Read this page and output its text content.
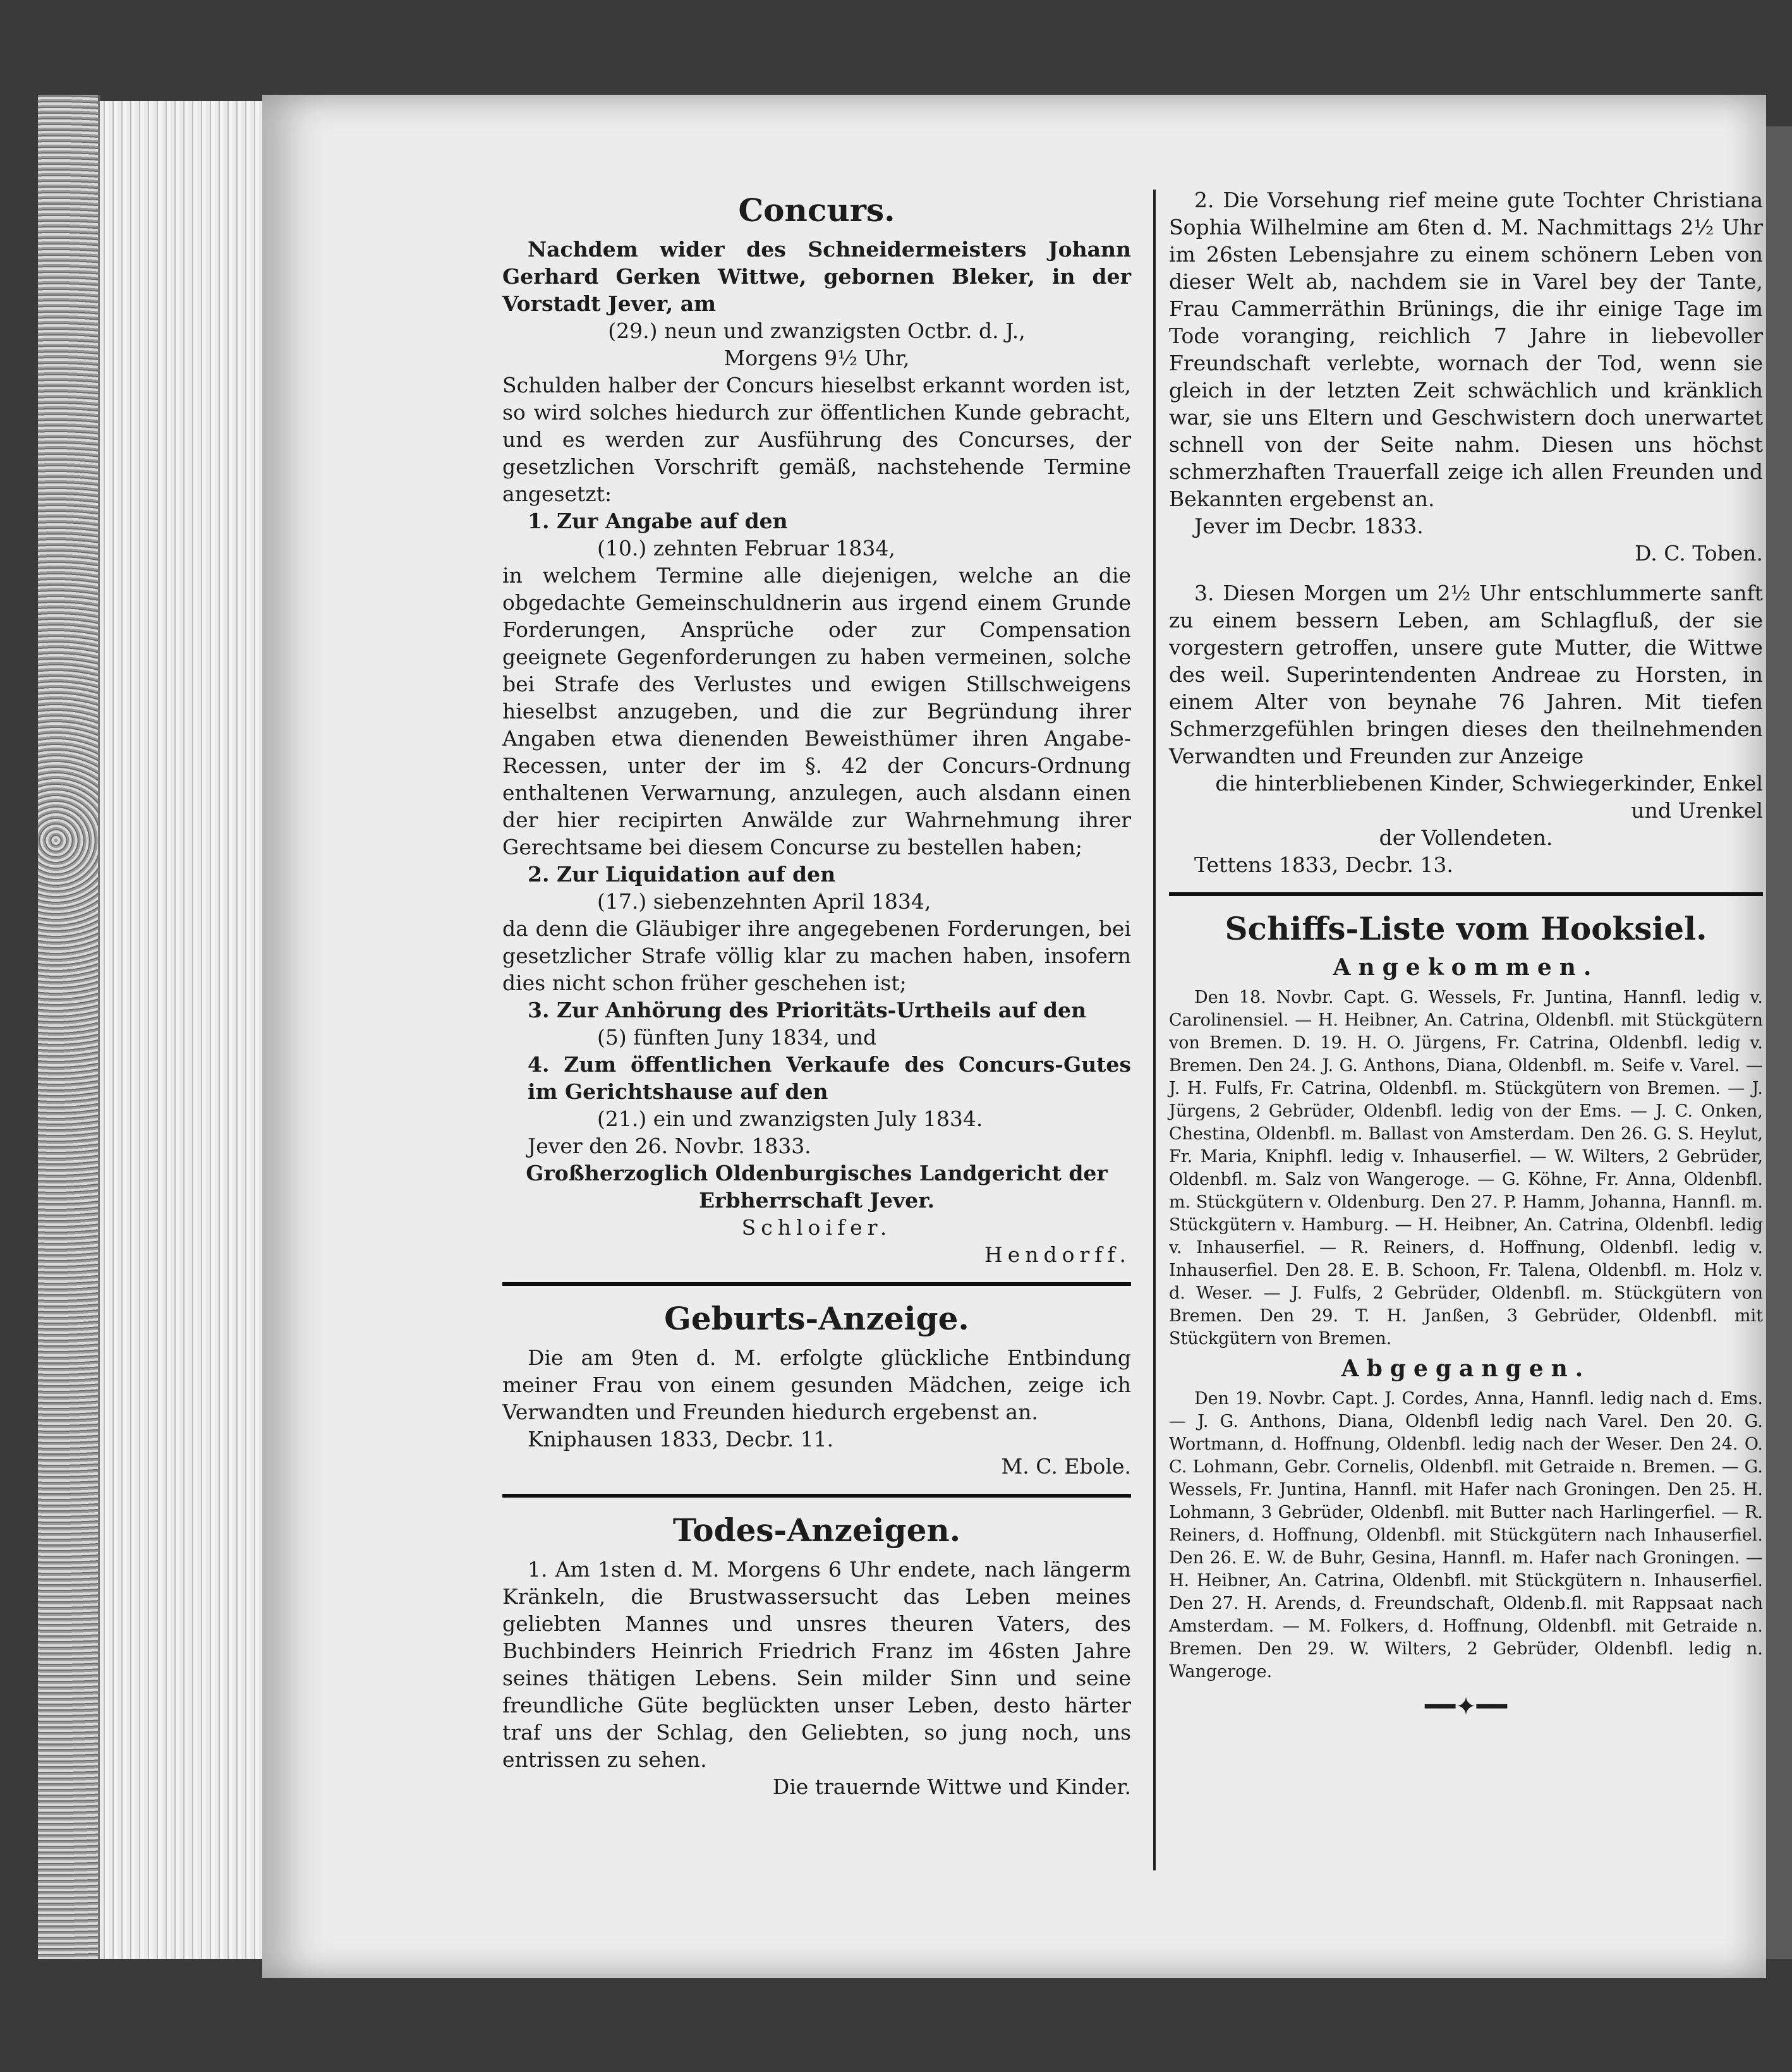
Concurs.

Nachdem wider des Schneidermeisters Johann Gerhard Gerken Wittwe, gebornen Bleker, in der Vorstadt Jever, am

(29.) neun und zwanzigsten Octbr. d. J.,

Morgens 9½ Uhr,

Schulden halber der Concurs hieselbst erkannt worden ist, so wird solches hiedurch zur öffentlichen Kunde gebracht, und es werden zur Ausführung des Concurses, der gesetzlichen Vorschrift gemäß, nachstehende Termine angesetzt:

1. Zur Angabe auf den

(10.) zehnten Februar 1834,

in welchem Termine alle diejenigen, welche an die obgedachte Gemeinschuldnerin aus irgend einem Grunde Forderungen, Ansprüche oder zur Compensation geeignete Gegenforderungen zu haben vermeinen, solche bei Strafe des Verlustes und ewigen Stillschweigens hieselbst anzugeben, und die zur Begründung ihrer Angaben etwa dienenden Beweisthümer ihren Angabe-Recessen, unter der im §. 42 der Concurs-Ordnung enthaltenen Verwarnung, anzulegen, auch alsdann einen der hier recipirten Anwälde zur Wahrnehmung ihrer Gerechtsame bei diesem Concurse zu bestellen haben;

2. Zur Liquidation auf den

(17.) siebenzehnten April 1834,

da denn die Gläubiger ihre angegebenen Forderungen, bei gesetzlicher Strafe völlig klar zu machen haben, insofern dies nicht schon früher geschehen ist;

3. Zur Anhörung des Prioritäts-Urtheils auf den

(5) fünften Juny 1834, und

4. Zum öffentlichen Verkaufe des Concurs-Gutes im Gerichtshause auf den

(21.) ein und zwanzigsten July 1834.

Jever den 26. Novbr. 1833.

Großherzoglich Oldenburgisches Landgericht der Erbherrschaft Jever.

Schloifer.

Hendorff.

Geburts-Anzeige.

Die am 9ten d. M. erfolgte glückliche Entbindung meiner Frau von einem gesunden Mädchen, zeige ich Verwandten und Freunden hiedurch ergebenst an.

Kniphausen 1833, Decbr. 11.

M. C. Ebole.

Todes-Anzeigen.

1. Am 1sten d. M. Morgens 6 Uhr endete, nach längerm Kränkeln, die Brustwassersucht das Leben meines geliebten Mannes und unsres theuren Vaters, des Buchbinders Heinrich Friedrich Franz im 46sten Jahre seines thätigen Lebens. Sein milder Sinn und seine freundliche Güte beglückten unser Leben, desto härter traf uns der Schlag, den Geliebten, so jung noch, uns entrissen zu sehen.

Die trauernde Wittwe und Kinder.

2. Die Vorsehung rief meine gute Tochter Christiana Sophia Wilhelmine am 6ten d. M. Nachmittags 2½ Uhr im 26sten Lebensjahre zu einem schönern Leben von dieser Welt ab, nachdem sie in Varel bey der Tante, Frau Cammerräthin Brünings, die ihr einige Tage im Tode voranging, reichlich 7 Jahre in liebevoller Freundschaft verlebte, wornach der Tod, wenn sie gleich in der letzten Zeit schwächlich und kränklich war, sie uns Eltern und Geschwistern doch unerwartet schnell von der Seite nahm. Diesen uns höchst schmerzhaften Trauerfall zeige ich allen Freunden und Bekannten ergebenst an.

Jever im Decbr. 1833.

D. C. Toben.

3. Diesen Morgen um 2½ Uhr entschlummerte sanft zu einem bessern Leben, am Schlagfluß, der sie vorgestern getroffen, unsere gute Mutter, die Wittwe des weil. Superintendenten Andreae zu Horsten, in einem Alter von beynahe 76 Jahren. Mit tiefen Schmerzgefühlen bringen dieses den theilnehmenden Verwandten und Freunden zur Anzeige

die hinterbliebenen Kinder, Schwiegerkinder, Enkel und Urenkel

der Vollendeten.

Tettens 1833, Decbr. 13.

Schiffs-Liste vom Hooksiel.
Angekommen.

Den 18. Novbr. Capt. G. Wessels, Fr. Juntina, Hannfl. ledig v. Carolinensiel. — H. Heibner, An. Catrina, Oldenbfl. mit Stückgütern von Bremen. D. 19. H. O. Jürgens, Fr. Catrina, Oldenbfl. ledig v. Bremen. Den 24. J. G. Anthons, Diana, Oldenbfl. m. Seife v. Varel. — J. H. Fulfs, Fr. Catrina, Oldenbfl. m. Stückgütern von Bremen. — J. Jürgens, 2 Gebrüder, Oldenbfl. ledig von der Ems. — J. C. Onken, Chestina, Oldenbfl. m. Ballast von Amsterdam. Den 26. G. S. Heylut, Fr. Maria, Kniphfl. ledig v. Inhauserfiel. — W. Wilters, 2 Gebrüder, Oldenbfl. m. Salz von Wangeroge. — G. Köhne, Fr. Anna, Oldenbfl. m. Stückgütern v. Oldenburg. Den 27. P. Hamm, Johanna, Hannfl. m. Stückgütern v. Hamburg. — H. Heibner, An. Catrina, Oldenbfl. ledig v. Inhauserfiel. — R. Reiners, d. Hoffnung, Oldenbfl. ledig v. Inhauserfiel. Den 28. E. B. Schoon, Fr. Talena, Oldenbfl. m. Holz v. d. Weser. — J. Fulfs, 2 Gebrüder, Oldenbfl. m. Stückgütern von Bremen. Den 29. T. H. Janßen, 3 Gebrüder, Oldenbfl. mit Stückgütern von Bremen.

Abgegangen.

Den 19. Novbr. Capt. J. Cordes, Anna, Hannfl. ledig nach d. Ems. — J. G. Anthons, Diana, Oldenbfl ledig nach Varel. Den 20. G. Wortmann, d. Hoffnung, Oldenbfl. ledig nach der Weser. Den 24. O. C. Lohmann, Gebr. Cornelis, Oldenbfl. mit Getraide n. Bremen. — G. Wessels, Fr. Juntina, Hannfl. mit Hafer nach Groningen. Den 25. H. Lohmann, 3 Gebrüder, Oldenbfl. mit Butter nach Harlingerfiel. — R. Reiners, d. Hoffnung, Oldenbfl. mit Stückgütern nach Inhauserfiel. Den 26. E. W. de Buhr, Gesina, Hannfl. m. Hafer nach Groningen. — H. Heibner, An. Catrina, Oldenbfl. mit Stückgütern n. Inhauserfiel. Den 27. H. Arends, d. Freundschaft, Oldenb.fl. mit Rappsaat nach Amsterdam. — M. Folkers, d. Hoffnung, Oldenbfl. mit Getraide n. Bremen. Den 29. W. Wilters, 2 Gebrüder, Oldenbfl. ledig n. Wangeroge.

━━✦━━
